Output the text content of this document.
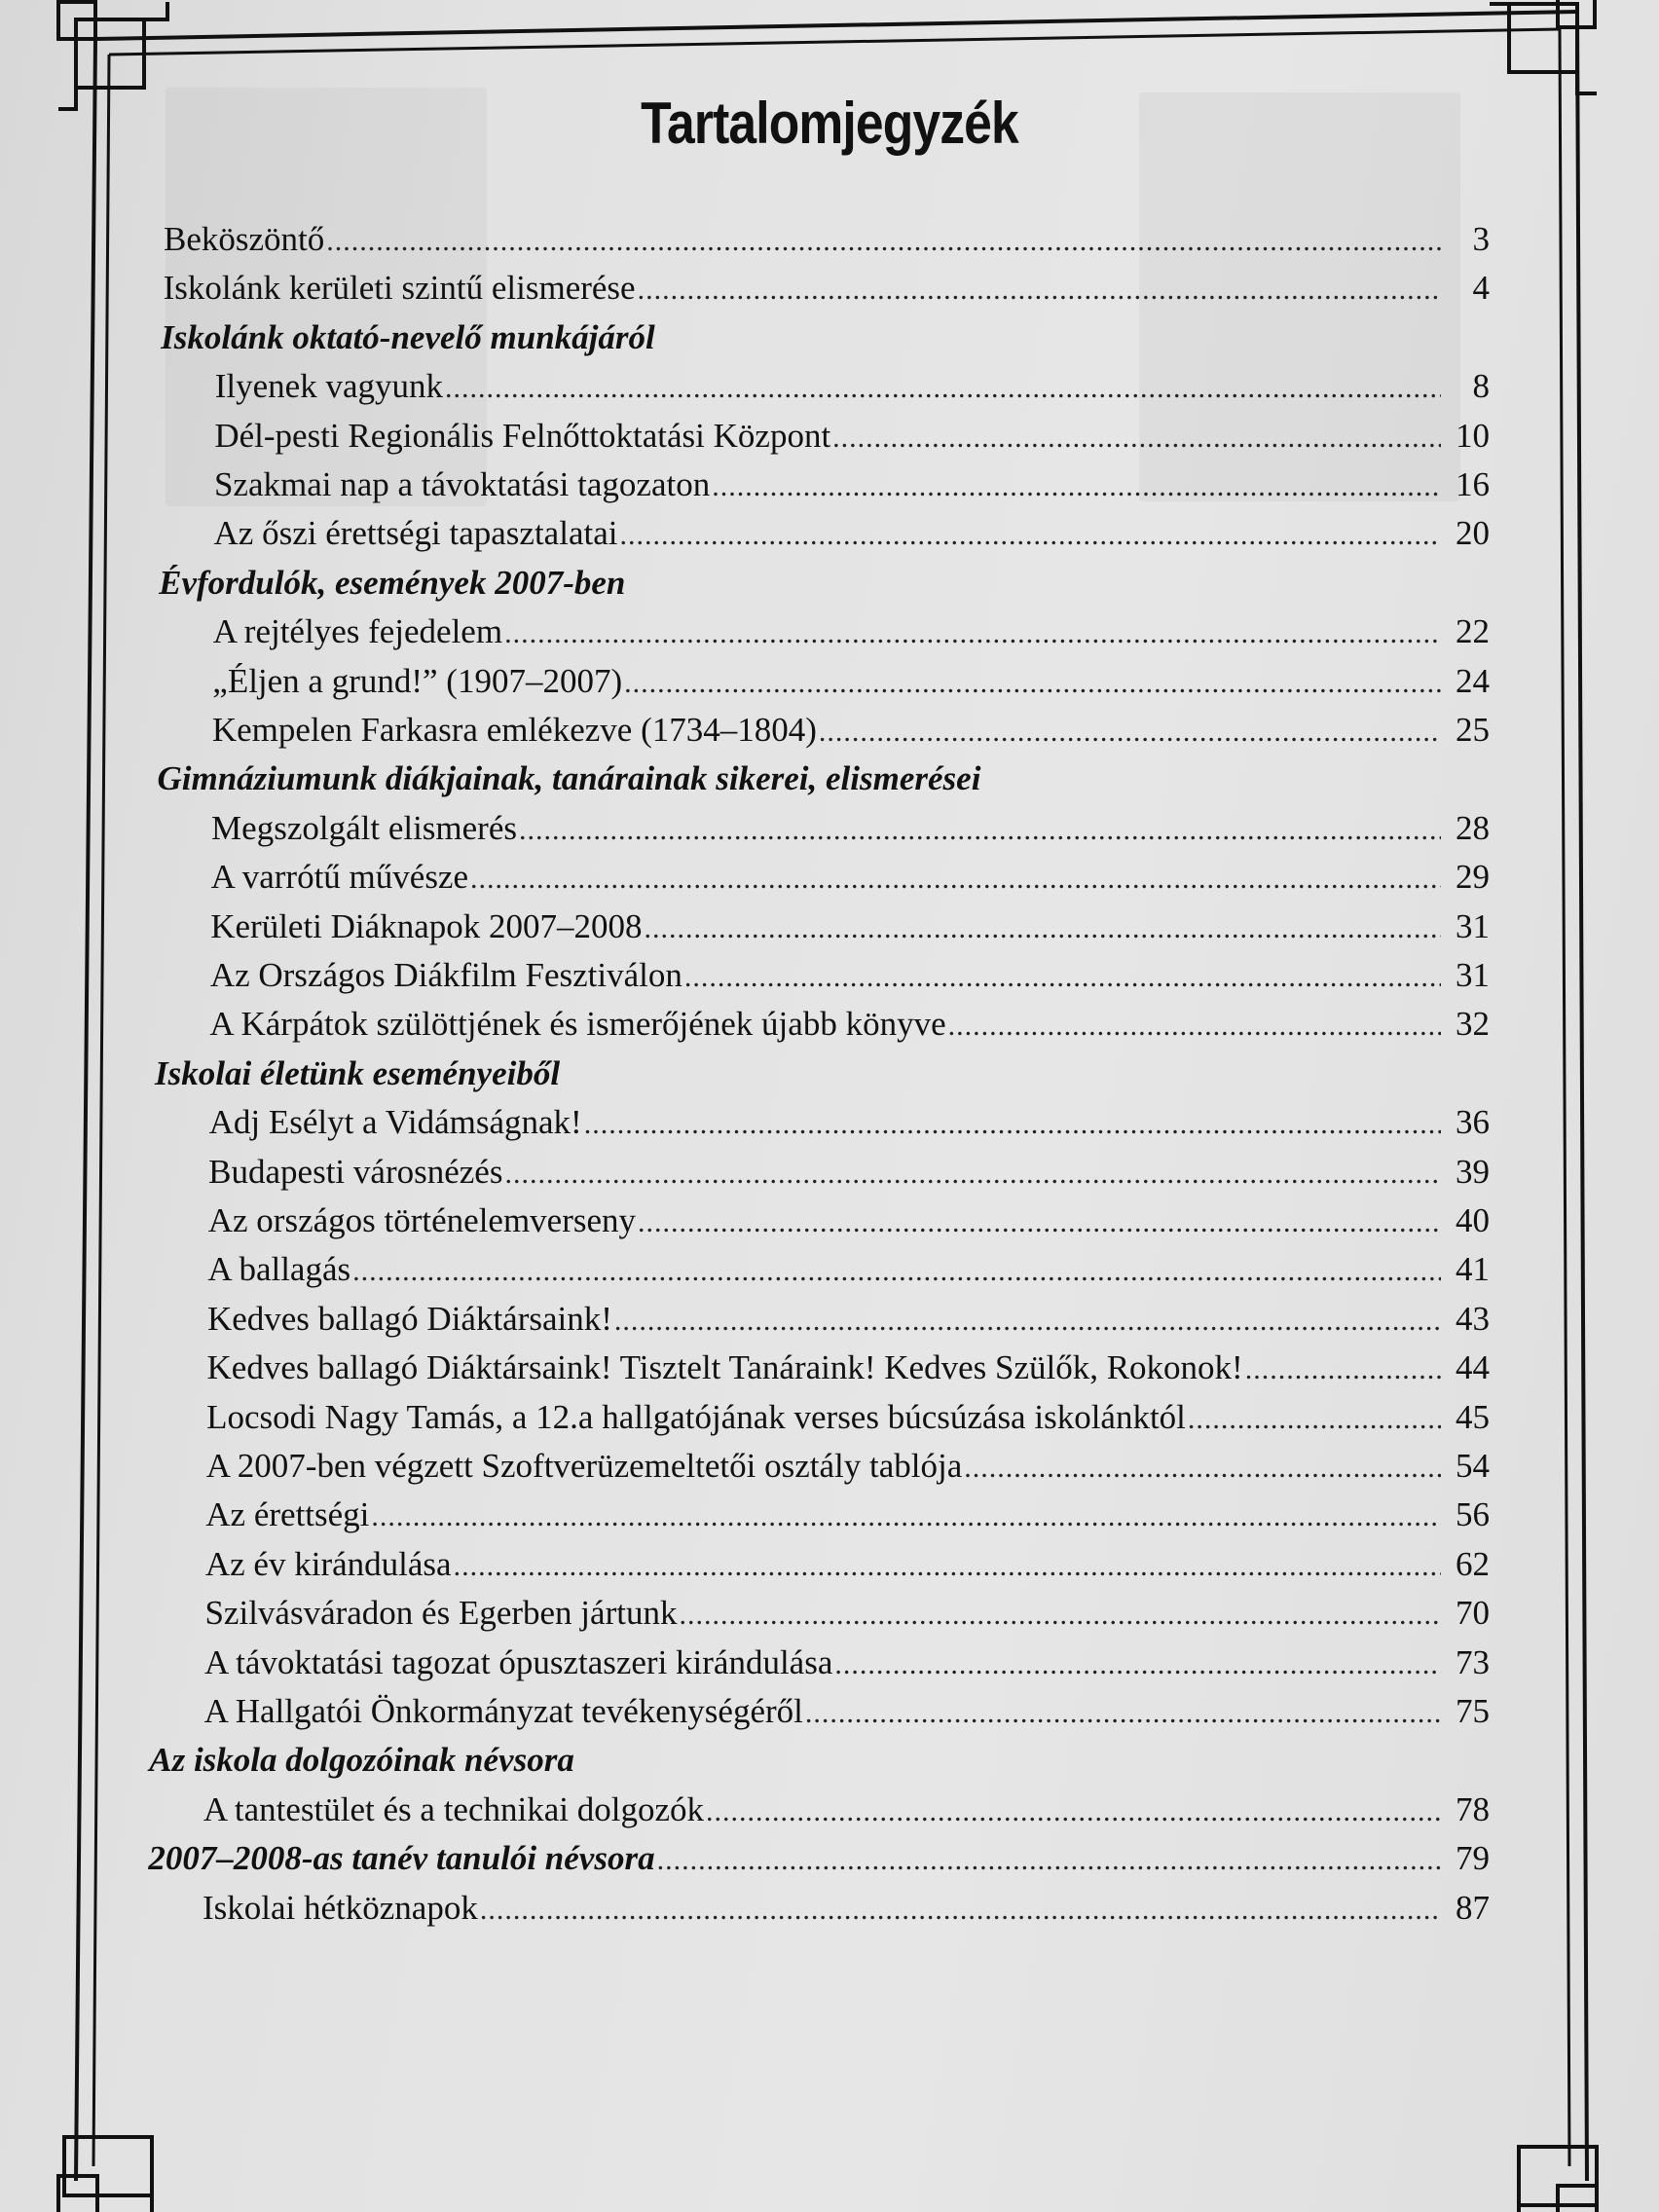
Tartalomjegyzék
Beköszöntő .....	3
Iskolánk kerületi szintű elismerése .....	4
Iskolánk oktató-nevelő munkájáról
Ilyenek vagyunk .....	8
Dél-pesti Regionális Felnőttoktatási Központ .....	10
Szakmai nap a távoktatási tagozaton .....	16
Az őszi érettségi tapasztalatai .....	20
Évfordulók, események 2007-ben
A rejtélyes fejedelem .....	22
„Éljen a grund!” (1907–2007) .....	24
Kempelen Farkasra emlékezve (1734–1804) .....	25
Gimnáziumunk diákjainak, tanárainak sikerei, elismerései
Megszolgált elismerés .....	28
A varrótű művésze .....	29
Kerületi Diáknapok 2007–2008 .....	31
Az Országos Diákfilm Fesztiválon .....	31
A Kárpátok szülöttjének és ismerőjének újabb könyve .....	32
Iskolai életünk eseményeiből
Adj Esélyt a Vidámságnak! .....	36
Budapesti városnézés .....	39
Az országos történelemverseny .....	40
A ballagás .....	41
Kedves ballagó Diáktársaink! .....	43
Kedves ballagó Diáktársaink! Tisztelt Tanáraink! Kedves Szülők, Rokonok! .....	44
Locsodi Nagy Tamás, a 12.a hallgatójának verses búcsúzása iskolánktól .....	45
A 2007-ben végzett Szoftverüzemeltetői osztály tablója .....	54
Az érettségi .....	56
Az év kirándulása .....	62
Szilvásváradon és Egerben jártunk .....	70
A távoktatási tagozat ópusztaszeri kirándulása .....	73
A Hallgatói Önkormányzat tevékenységéről .....	75
Az iskola dolgozóinak névsora
A tantestület és a technikai dolgozók .....	78
2007–2008-as tanév tanulói névsora .....	79
Iskolai hétköznapok .....	87
